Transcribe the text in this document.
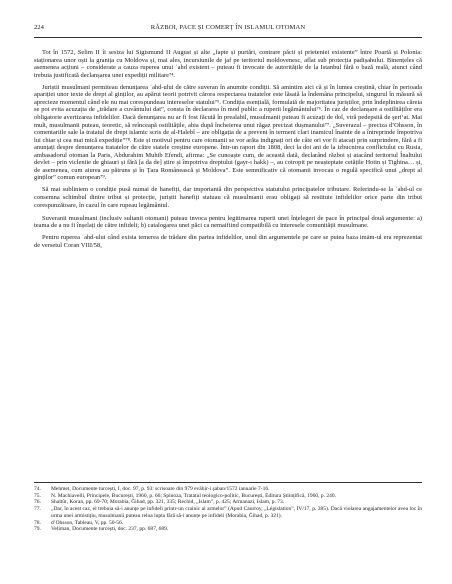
224	RĂZBOI, PACE ȘI COMERȚ ÎN ISLAMUL OTOMAN

Tot în 1572, Selim II îi sesiza lui Sigismund II August și alte „fapte și purtări, contrare păcii și prieteniei existente” între Poartă și Polonia: staționarea unor oști la granița cu Moldova și, mai ales, incursiunile de jaf pe teritoriul moldovenesc, aflat sub protecția padișahului. Binențeles că asemenea acțiuni – considerate a cauza ruperea unui ʿahd existent – puteau fi invocate de autoritățile de la Istanbul fără o bază reală, atunci când trebuia justificată declanșarea unei expediții militare⁷⁴.

Juriștii musulmani permiteau denunțarea ʿahd-ului de către suveran în anumite condiții. Să amintim aici că și în lumea creștină, chiar în perioada apariției unor texte de drept al ginților, au apărut teorii potrivit cărora respectarea tratatelor este lăsată la îndemâna principelui, singurul în măsură să aprecieze momentul când ele nu mai corespundeau intereselor statului⁷⁵. Condiția esențială, formulată de majoritatea juriștilor, prin îndeplinirea căreia se pot evita acuzația de „trădare a cuvântului dat”, consta în declararea în mod public a ruperii legământului⁷⁶. În caz de declanșare a ostilităților era obligatorie avertizarea infidelilor. Dacă denunțarea nu ar fi fost făcută în prealabil, musulmanii puteau fi acuzați de dol, viră pedepsită de şeri‘at. Mai mult, musulmanii puteau, teoretic, să reînceapă ostilitățile, abia după încheierea unui răgaz precizat dușmanului⁷⁷. „Suverazul – preciza d’Ohsson, în comentariile sale la tratatul de drept islamic scris de al-Halebî – are obligația de a preveni în termeni clari inamicul înainte de a întreprinde împotriva lui chiar și cea mai mică expediție”⁷⁸. Este și motivul pentru care otomanii se vor arăta indignați ori de câte ori vor fi atacați prin surprindere, fără a fi anunțați despre denunțarea tratatelor de către statele creștine europene. Într-un raport din 1808, deci la doi ani de la izbucnirea conflictului cu Rusia, ambasadorul otoman la Paris, Abdurahim Muhib Efendi, afirma: „Se cunoaște cum, de această dată, declarând război și atacând teritoriul Înaltului devlet – prin vicleniie de ghiauri și fără [a da de] știre și împotriva dreptului (gayr-ı hakk) –, au cotropit pe neașteptate cetățile Hotin și Tighina… și, de asemenea, cum aiurea au pătruns și în Țara Românească și Moldova”. Este semnificativ că otomanii invocau o regulă specifică unui „drept al ginților” comun european⁷⁹.

Să mai subliniem o condiție pusă numai de hanefiți, dar importantă din perspectiva statutului principatelor tributare. Referindu-se la ʿahd-ul ce consemna schimbul dintre tribut și protecție, juriștii hanefiți statuau că musulmanii erau obligați să restituie infidelilor orice parte din tribut corespunzătoare, în cazul în care rupeau legământul.

Suveranii musulmani (inclusiv sultanii otomani) puteau invoca pentru legitimarea ruperii unei înțelegeri de pace în principal două argumente: a) teama de a nu fi înșelați de către infideli; b) catalogarea unei păci ca nemaifiind compatibilă cu interesele comunității musulmane.

Pentru ruperea ʿahd-ului când exista temerea de trădare din partea infidelilor, unul din argumentele pe care se putea baza imām-ul era reprezentat de versetul Coran VIII/58,

74.	Mehmet, Documente turcești, I, doc. 97, p. 93: scrisoare din 979 evâhir-i şaban/1572 ianuarie 7-16.
75.	N. Machiavelli, Principele, București, 1960, p. 66; Spinoza, Tratatul teologico-politic, București, Editura Științifică, 1960, p. 240.
76.	Shaltût, Koran, pp. 69-70; Morabia, Ğihad, pp. 321, 335; Rechid, „Islam”, p. 425; Armanazi, Islam, p. 73.
77.	„Dar, în acest caz, el trebuia să-i anunțe pe infideli printr-un crainic al armelor” (Apud Caurroy, „Législation”, IV/17, p. 385). Dacă violarea angajamentelor avea loc în urma unei armistițiu, musulmanii puteau relua lupta fără să-i anunțe pe infideli (Morabia, Ğihad, p. 321).
78.	d’Ohsson, Tableau, V, pp. 50-56.
79.	Veliman, Documente turcești, doc. 237, pp. 687, 689.
